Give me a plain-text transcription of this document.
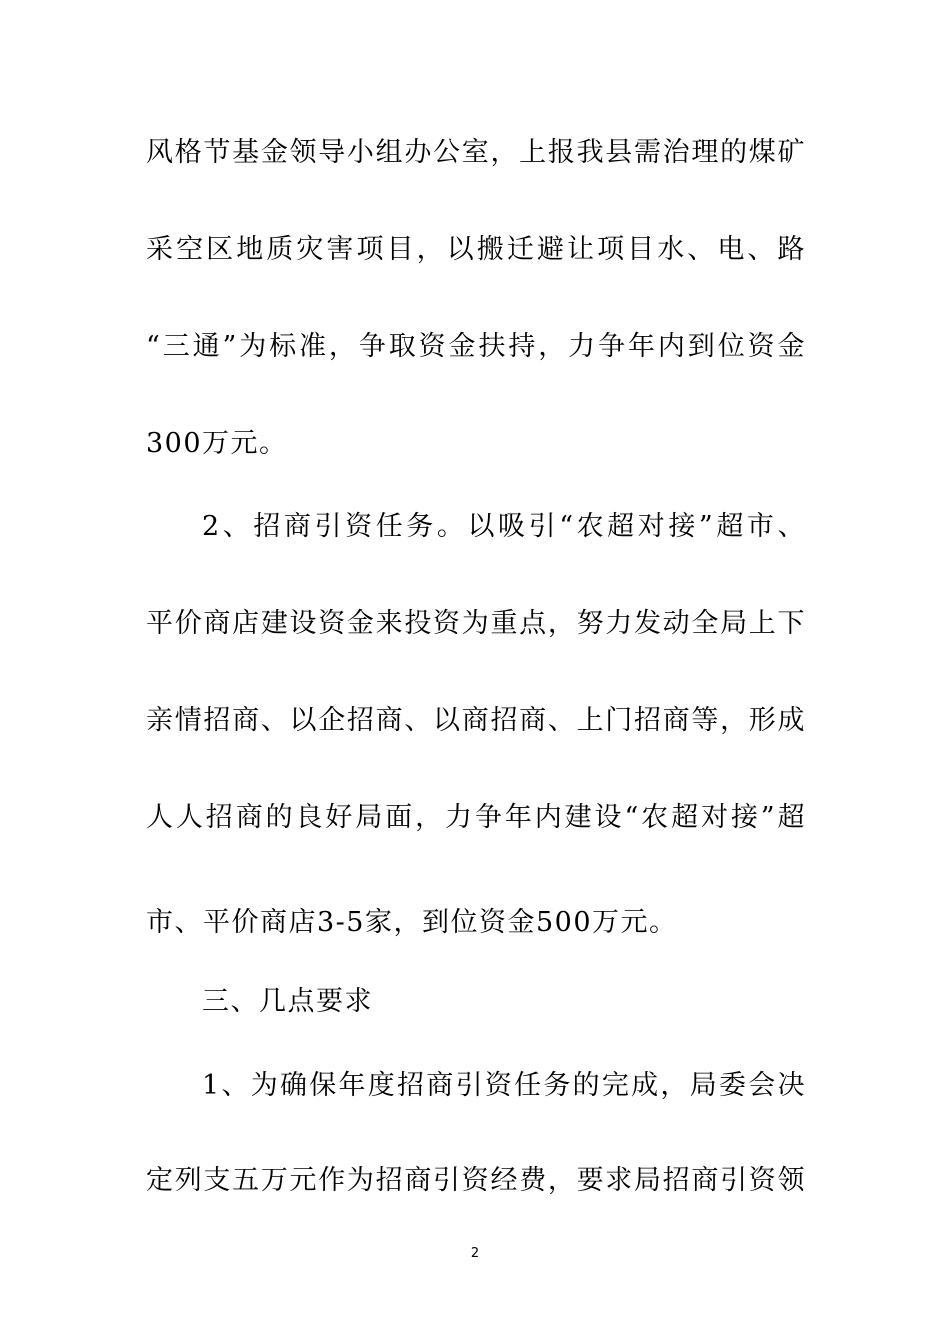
风格节基金领导小组办公室，上报我县需治理的煤矿
采空区地质灾害项目，以搬迁避让项目水、电、路
“三通”为标准，争取资金扶持，力争年内到位资金
300万元。
2、招商引资任务。以吸引“农超对接”超市、
平价商店建设资金来投资为重点，努力发动全局上下
亲情招商、以企招商、以商招商、上门招商等，形成
人人招商的良好局面，力争年内建设“农超对接”超
市、平价商店3-5家，到位资金500万元。
三、几点要求
1、为确保年度招商引资任务的完成，局委会决
定列支五万元作为招商引资经费，要求局招商引资领
2
